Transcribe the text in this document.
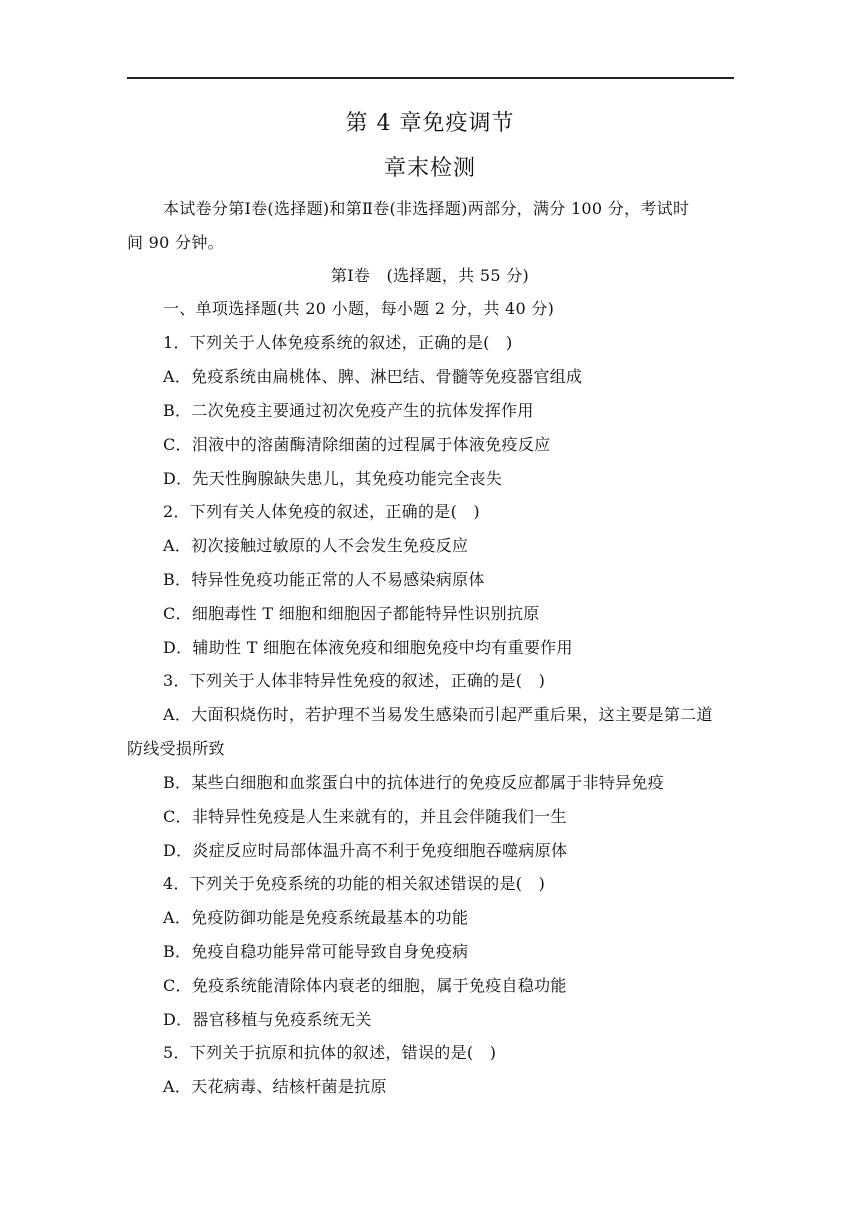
第 4 章免疫调节
章末检测
本试卷分第Ⅰ卷(选择题)和第Ⅱ卷(非选择题)两部分，满分 100 分，考试时
间 90 分钟。
第Ⅰ卷　(选择题，共 55 分)
一、单项选择题(共 20 小题，每小题 2 分，共 40 分)
1．下列关于人体免疫系统的叙述，正确的是(　)
A．免疫系统由扁桃体、脾、淋巴结、骨髓等免疫器官组成
B．二次免疫主要通过初次免疫产生的抗体发挥作用
C．泪液中的溶菌酶清除细菌的过程属于体液免疫反应
D．先天性胸腺缺失患儿，其免疫功能完全丧失
2．下列有关人体免疫的叙述，正确的是(　)
A．初次接触过敏原的人不会发生免疫反应
B．特异性免疫功能正常的人不易感染病原体
C．细胞毒性 T 细胞和细胞因子都能特异性识别抗原
D．辅助性 T 细胞在体液免疫和细胞免疫中均有重要作用
3．下列关于人体非特异性免疫的叙述，正确的是(　)
A．大面积烧伤时，若护理不当易发生感染而引起严重后果，这主要是第二道
防线受损所致
B．某些白细胞和血浆蛋白中的抗体进行的免疫反应都属于非特异免疫
C．非特异性免疫是人生来就有的，并且会伴随我们一生
D．炎症反应时局部体温升高不利于免疫细胞吞噬病原体
4．下列关于免疫系统的功能的相关叙述错误的是(　)
A．免疫防御功能是免疫系统最基本的功能
B．免疫自稳功能异常可能导致自身免疫病
C．免疫系统能清除体内衰老的细胞，属于免疫自稳功能
D．器官移植与免疫系统无关
5．下列关于抗原和抗体的叙述，错误的是(　)
A．天花病毒、结核杆菌是抗原
